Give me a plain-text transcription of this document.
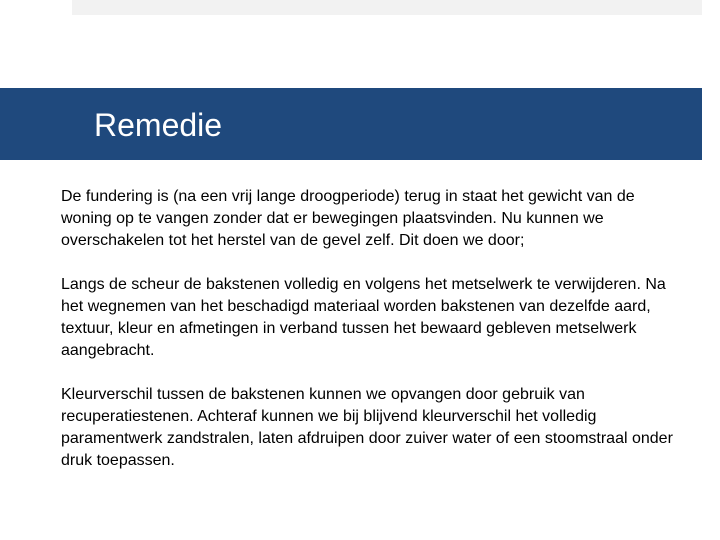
Remedie

De fundering is (na een vrij lange droogperiode) terug in staat het gewicht van de woning op te vangen zonder dat er bewegingen plaatsvinden. Nu kunnen we overschakelen tot het herstel van de gevel zelf. Dit doen we door;

Langs de scheur de bakstenen volledig en volgens het metselwerk te verwijderen. Na het wegnemen van het beschadigd materiaal worden bakstenen van dezelfde aard, textuur, kleur en afmetingen in verband tussen het bewaard gebleven metselwerk aangebracht.

Kleurverschil tussen de bakstenen kunnen we opvangen door gebruik van recuperatiestenen. Achteraf kunnen we bij blijvend kleurverschil het volledig paramentwerk zandstralen, laten afdruipen door zuiver water of een stoomstraal onder druk toepassen.
